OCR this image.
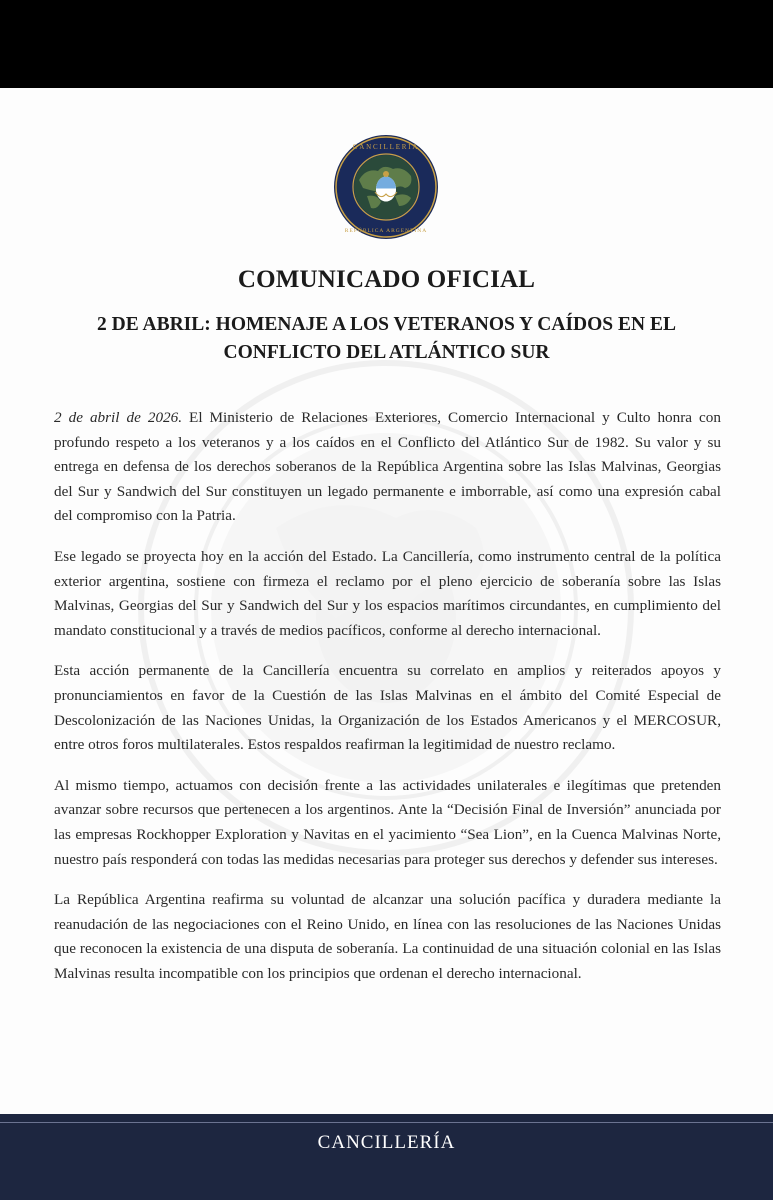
CANCILLERÍA
REPÚBLICA ARGENTINA
COMUNICADO OFICIAL
2 DE ABRIL: HOMENAJE A LOS VETERANOS Y CAÍDOS EN EL
CONFLICTO DEL ATLÁNTICO SUR

2 de abril de 2026. El Ministerio de Relaciones Exteriores, Comercio Internacional y Culto honra con profundo respeto a los veteranos y a los caídos en el Conflicto del Atlántico Sur de 1982. Su valor y su entrega en defensa de los derechos soberanos de la República Argentina sobre las Islas Malvinas, Georgias del Sur y Sandwich del Sur constituyen un legado permanente e imborrable, así como una expresión cabal del compromiso con la Patria.

Ese legado se proyecta hoy en la acción del Estado. La Cancillería, como instrumento central de la política exterior argentina, sostiene con firmeza el reclamo por el pleno ejercicio de soberanía sobre las Islas Malvinas, Georgias del Sur y Sandwich del Sur y los espacios marítimos circundantes, en cumplimiento del mandato constitucional y a través de medios pacíficos, conforme al derecho internacional.

Esta acción permanente de la Cancillería encuentra su correlato en amplios y reiterados apoyos y pronunciamientos en favor de la Cuestión de las Islas Malvinas en el ámbito del Comité Especial de Descolonización de las Naciones Unidas, la Organización de los Estados Americanos y el MERCOSUR, entre otros foros multilaterales. Estos respaldos reafirman la legitimidad de nuestro reclamo.

Al mismo tiempo, actuamos con decisión frente a las actividades unilaterales e ilegítimas que pretenden avanzar sobre recursos que pertenecen a los argentinos. Ante la “Decisión Final de Inversión” anunciada por las empresas Rockhopper Exploration y Navitas en el yacimiento “Sea Lion”, en la Cuenca Malvinas Norte, nuestro país responderá con todas las medidas necesarias para proteger sus derechos y defender sus intereses.

La República Argentina reafirma su voluntad de alcanzar una solución pacífica y duradera mediante la reanudación de las negociaciones con el Reino Unido, en línea con las resoluciones de las Naciones Unidas que reconocen la existencia de una disputa de soberanía. La continuidad de una situación colonial en las Islas Malvinas resulta incompatible con los principios que ordenan el derecho internacional.

CANCILLERÍA
